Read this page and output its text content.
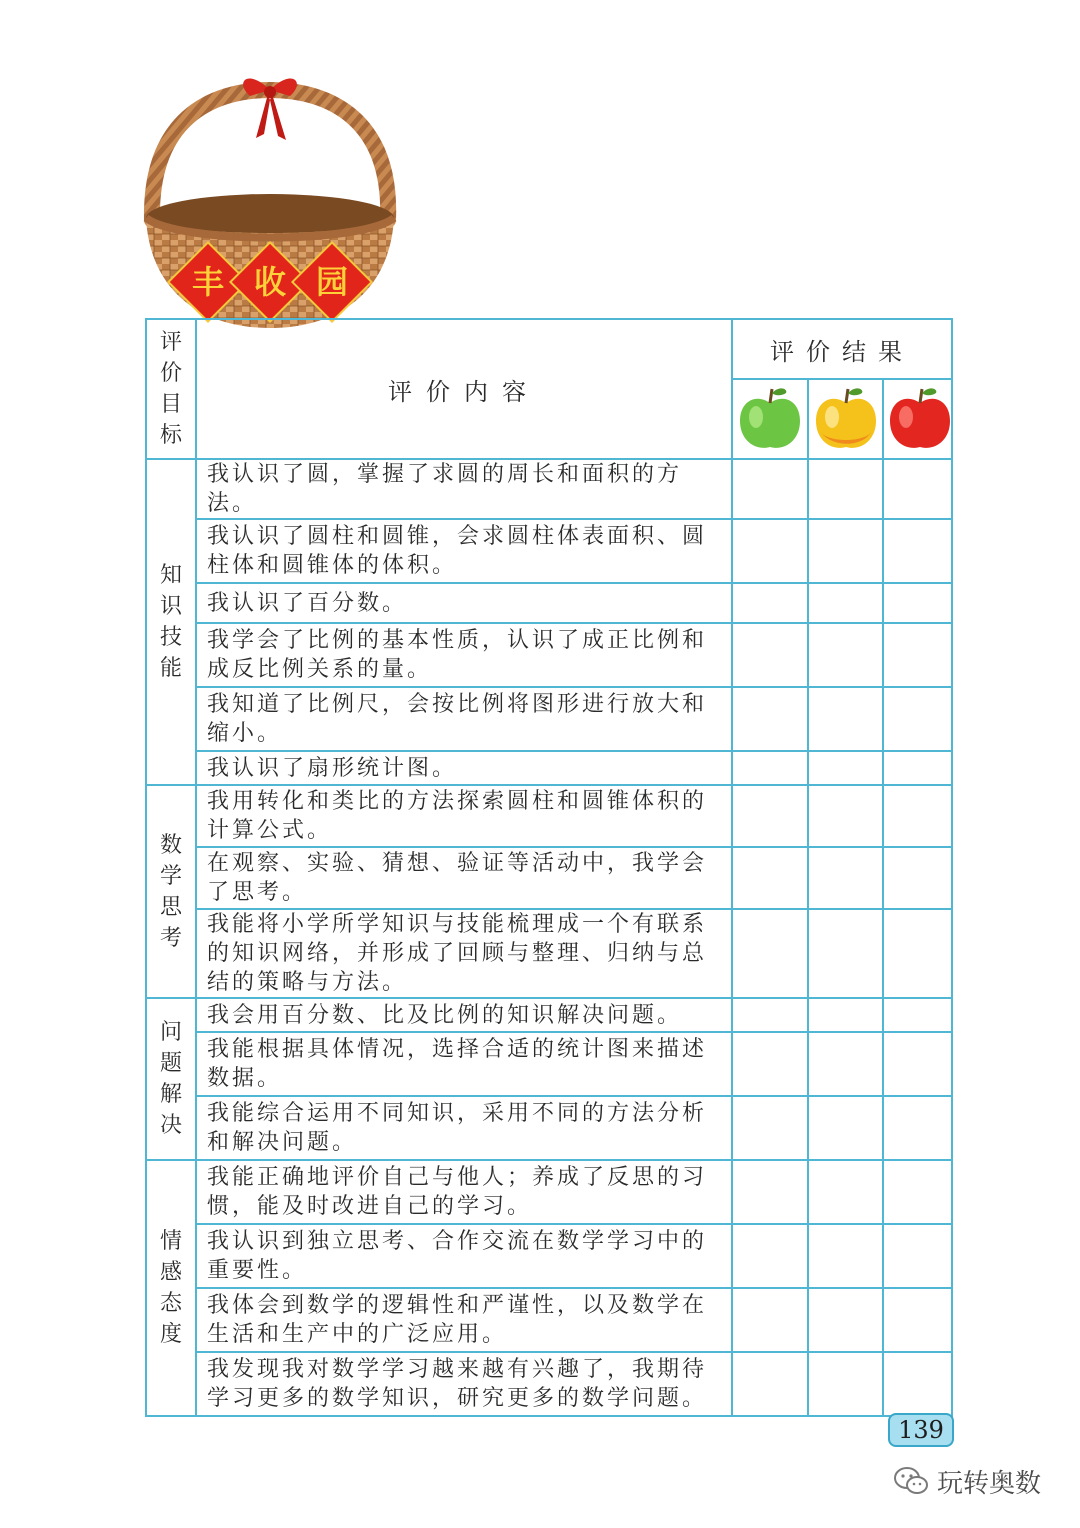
丰 收 园
评价目标	评价内容	评价结果		

知识技能	我认识了圆，掌握了求圆的周长和面积的方法。			
	我认识了圆柱和圆锥，会求圆柱体表面积、圆柱体和圆锥体的体积。			
	我认识了百分数。			
	我学会了比例的基本性质，认识了成正比例和成反比例关系的量。			
	我知道了比例尺，会按比例将图形进行放大和缩小。			
	我认识了扇形统计图。			
数学思考	我用转化和类比的方法探索圆柱和圆锥体积的计算公式。			
	在观察、实验、猜想、验证等活动中，我学会了思考。			
	我能将小学所学知识与技能梳理成一个有联系的知识网络，并形成了回顾与整理、归纳与总结的策略与方法。			
问题解决	我会用百分数、比及比例的知识解决问题。			
	我能根据具体情况，选择合适的统计图来描述数据。			
	我能综合运用不同知识，采用不同的方法分析和解决问题。			
情感态度	我能正确地评价自己与他人；养成了反思的习惯，能及时改进自己的学习。			
	我认识到独立思考、合作交流在数学学习中的重要性。			
	我体会到数学的逻辑性和严谨性，以及数学在生活和生产中的广泛应用。			
	我发现我对数学学习越来越有兴趣了，我期待学习更多的数学知识，研究更多的数学问题。			
139
玩转奥数
